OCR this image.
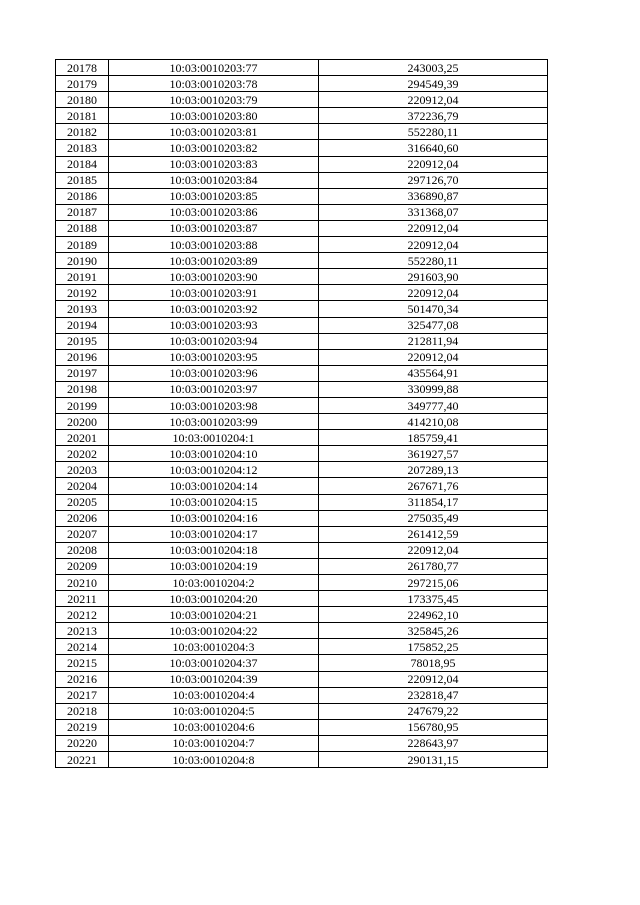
20178	10:03:0010203:77	243003,25
20179	10:03:0010203:78	294549,39
20180	10:03:0010203:79	220912,04
20181	10:03:0010203:80	372236,79
20182	10:03:0010203:81	552280,11
20183	10:03:0010203:82	316640,60
20184	10:03:0010203:83	220912,04
20185	10:03:0010203:84	297126,70
20186	10:03:0010203:85	336890,87
20187	10:03:0010203:86	331368,07
20188	10:03:0010203:87	220912,04
20189	10:03:0010203:88	220912,04
20190	10:03:0010203:89	552280,11
20191	10:03:0010203:90	291603,90
20192	10:03:0010203:91	220912,04
20193	10:03:0010203:92	501470,34
20194	10:03:0010203:93	325477,08
20195	10:03:0010203:94	212811,94
20196	10:03:0010203:95	220912,04
20197	10:03:0010203:96	435564,91
20198	10:03:0010203:97	330999,88
20199	10:03:0010203:98	349777,40
20200	10:03:0010203:99	414210,08
20201	10:03:0010204:1	185759,41
20202	10:03:0010204:10	361927,57
20203	10:03:0010204:12	207289,13
20204	10:03:0010204:14	267671,76
20205	10:03:0010204:15	311854,17
20206	10:03:0010204:16	275035,49
20207	10:03:0010204:17	261412,59
20208	10:03:0010204:18	220912,04
20209	10:03:0010204:19	261780,77
20210	10:03:0010204:2	297215,06
20211	10:03:0010204:20	173375,45
20212	10:03:0010204:21	224962,10
20213	10:03:0010204:22	325845,26
20214	10:03:0010204:3	175852,25
20215	10:03:0010204:37	78018,95
20216	10:03:0010204:39	220912,04
20217	10:03:0010204:4	232818,47
20218	10:03:0010204:5	247679,22
20219	10:03:0010204:6	156780,95
20220	10:03:0010204:7	228643,97
20221	10:03:0010204:8	290131,15
